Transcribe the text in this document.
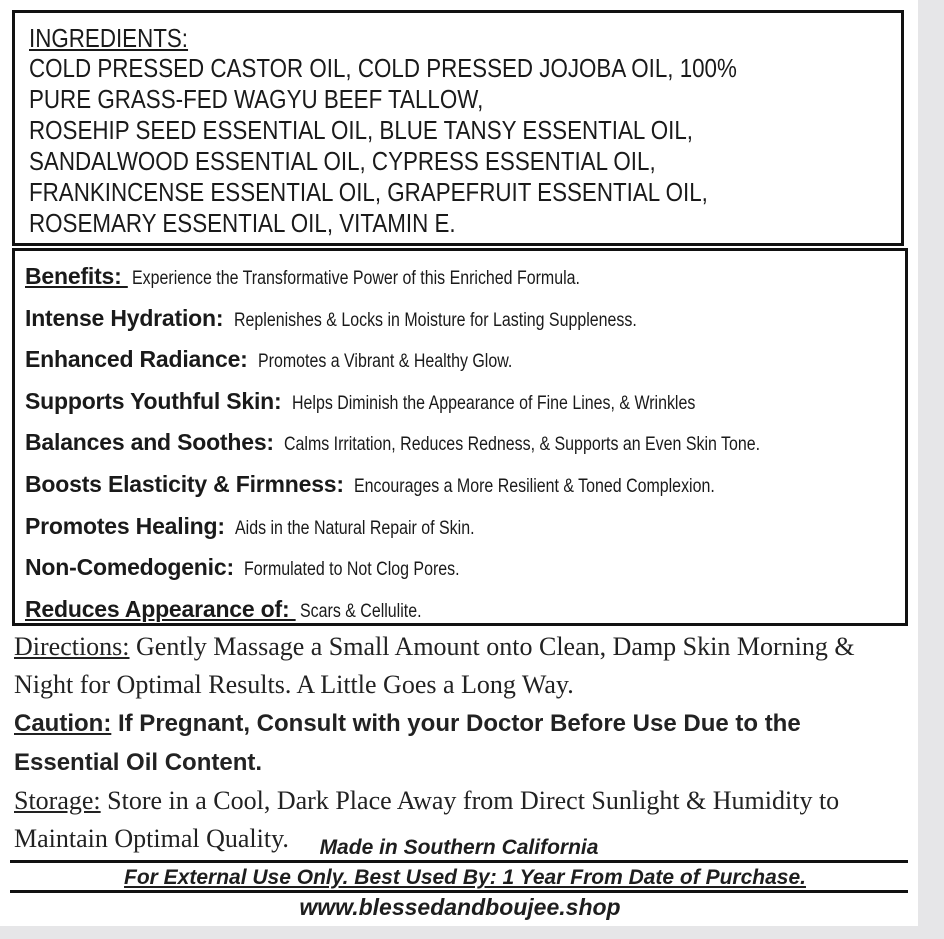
INGREDIENTS:
COLD PRESSED CASTOR OIL, COLD PRESSED JOJOBA OIL, 100%
PURE GRASS-FED WAGYU BEEF TALLOW,
ROSEHIP SEED ESSENTIAL OIL, BLUE TANSY ESSENTIAL OIL,
SANDALWOOD ESSENTIAL OIL, CYPRESS ESSENTIAL OIL,
FRANKINCENSE ESSENTIAL OIL, GRAPEFRUIT ESSENTIAL OIL,
ROSEMARY ESSENTIAL OIL, VITAMIN E.
Benefits: Experience the Transformative Power of this Enriched Formula.
Intense Hydration: Replenishes & Locks in Moisture for Lasting Suppleness.
Enhanced Radiance: Promotes a Vibrant & Healthy Glow.
Supports Youthful Skin: Helps Diminish the Appearance of Fine Lines, & Wrinkles
Balances and Soothes: Calms Irritation, Reduces Redness, & Supports an Even Skin Tone.
Boosts Elasticity & Firmness: Encourages a More Resilient & Toned Complexion.
Promotes Healing: Aids in the Natural Repair of Skin.
Non-Comedogenic: Formulated to Not Clog Pores.
Reduces Appearance of: Scars & Cellulite.

Directions: Gently Massage a Small Amount onto Clean, Damp Skin Morning & Night for Optimal Results. A Little Goes a Long Way.

Caution: If Pregnant, Consult with your Doctor Before Use Due to the Essential Oil Content.

Storage: Store in a Cool, Dark Place Away from Direct Sunlight & Humidity to Maintain Optimal Quality.	Made in Southern California
For External Use Only. Best Used By: 1 Year From Date of Purchase.
www.blessedandboujee.shop
